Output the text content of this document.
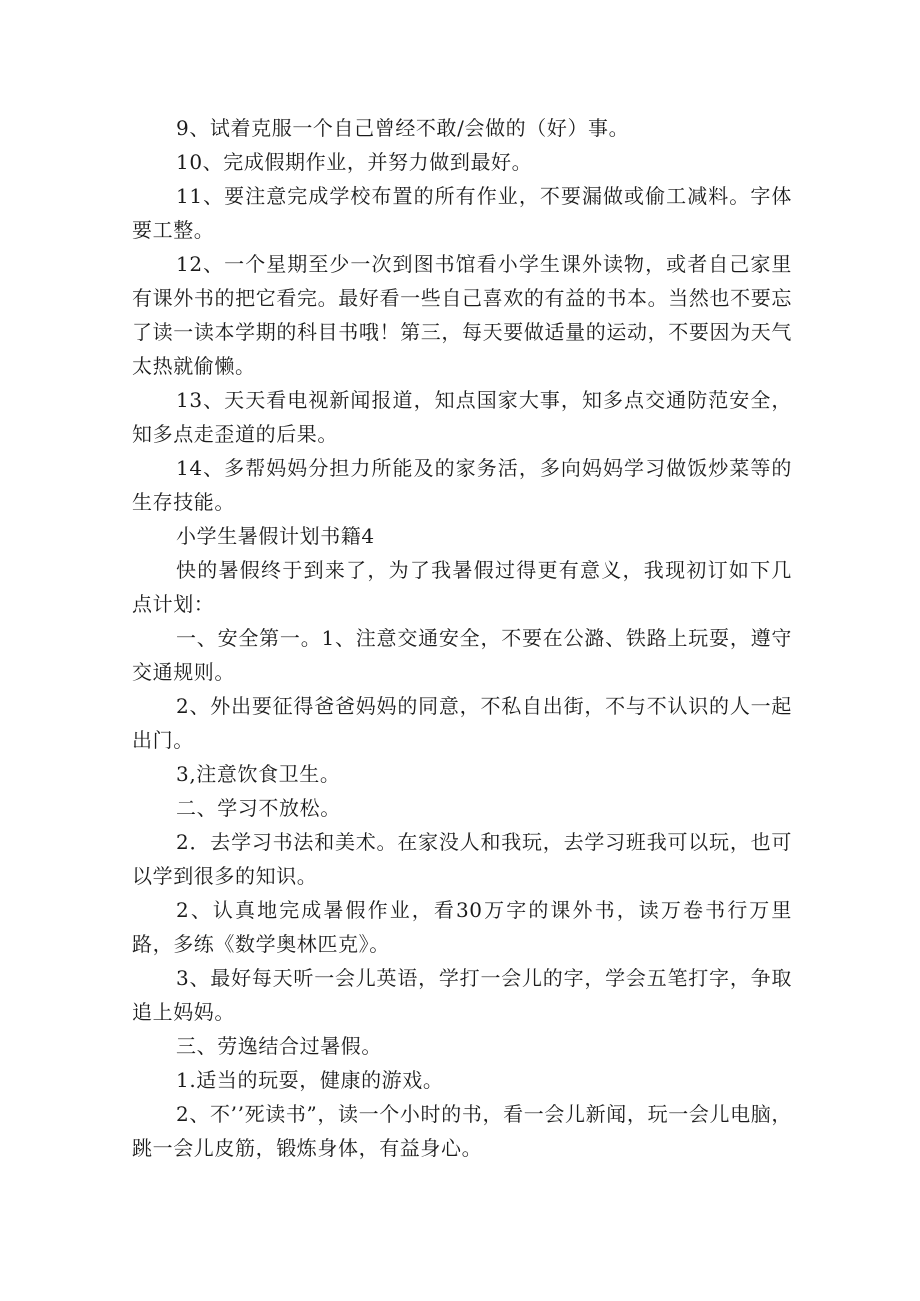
9、试着克服一个自己曾经不敢/会做的（好）事。

10、完成假期作业，并努力做到最好。

11、要注意完成学校布置的所有作业，不要漏做或偷工减料。字体要工整。

12、一个星期至少一次到图书馆看小学生课外读物，或者自己家里有课外书的把它看完。最好看一些自己喜欢的有益的书本。当然也不要忘了读一读本学期的科目书哦！第三，每天要做适量的运动，不要因为天气太热就偷懒。

13、天天看电视新闻报道，知点国家大事，知多点交通防范安全，知多点走歪道的后果。

14、多帮妈妈分担力所能及的家务活，多向妈妈学习做饭炒菜等的生存技能。

小学生暑假计划书籍4

快的暑假终于到来了，为了我暑假过得更有意义，我现初订如下几点计划：

一、安全第一。1、注意交通安全，不要在公潞、铁路上玩耍，遵守交通规则。

2、外出要征得爸爸妈妈的同意，不私自出街，不与不认识的人一起出门。

3,注意饮食卫生。

二、学习不放松。

2．去学习书法和美术。在家没人和我玩，去学习班我可以玩，也可以学到很多的知识。

2、认真地完成暑假作业，看30万字的课外书，读万卷书行万里路，多练《数学奥林匹克》。

3、最好每天听一会儿英语，学打一会儿的字，学会五笔打字，争取追上妈妈。

三、劳逸结合过暑假。

1.适当的玩耍，健康的游戏。

2、不’’死读书”，读一个小时的书，看一会儿新闻，玩一会儿电脑，跳一会儿皮筋，锻炼身体，有益身心。
